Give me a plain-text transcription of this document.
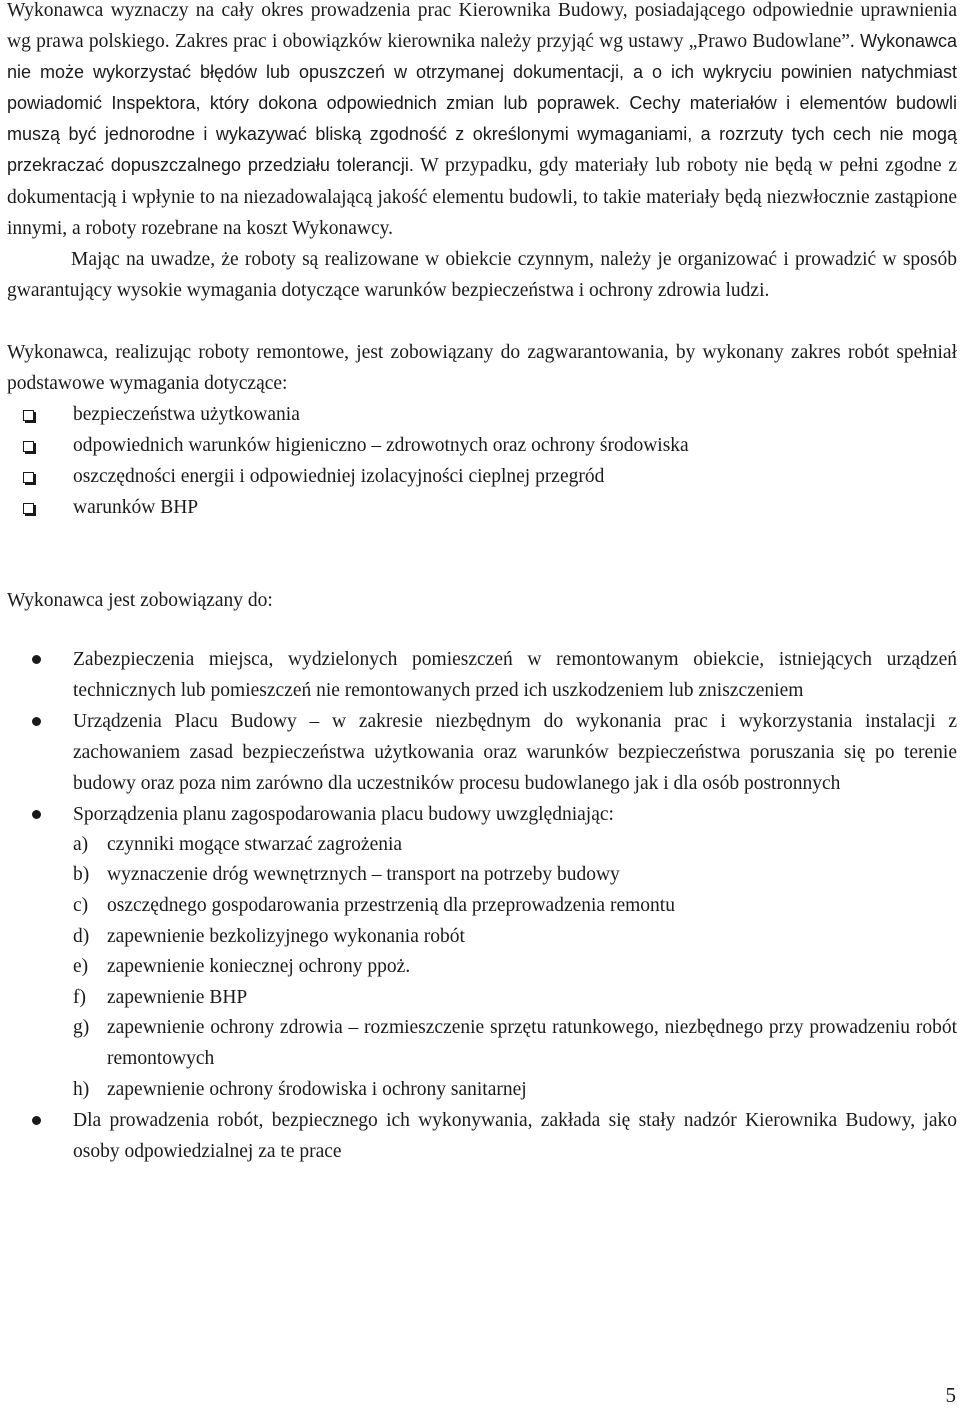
Wykonawca wyznaczy na cały okres prowadzenia prac Kierownika Budowy, posiadającego odpowiednie uprawnienia wg prawa polskiego. Zakres prac i obowiązków kierownika należy przyjąć wg ustawy „Prawo Budowlane”. Wykonawca nie może wykorzystać błędów lub opuszczeń w otrzymanej dokumentacji, a o ich wykryciu powinien natychmiast powiadomić Inspektora, który dokona odpowiednich zmian lub poprawek. Cechy materiałów i elementów budowli muszą być jednorodne i wykazywać bliską zgodność z określonymi wymaganiami, a rozrzuty tych cech nie mogą przekraczać dopuszczalnego przedziału tolerancji. W przypadku, gdy materiały lub roboty nie będą w pełni zgodne z dokumentacją i wpłynie to na niezadowalającą jakość elementu budowli, to takie materiały będą niezwłocznie zastąpione innymi, a roboty rozebrane na koszt Wykonawcy.

Mając na uwadze, że roboty są realizowane w obiekcie czynnym, należy je organizować i prowadzić w sposób gwarantujący wysokie wymagania dotyczące warunków bezpieczeństwa i ochrony zdrowia ludzi.

Wykonawca, realizując roboty remontowe, jest zobowiązany do zagwarantowania, by wykonany zakres robót spełniał podstawowe wymagania dotyczące:

bezpieczeństwa użytkowania
odpowiednich warunków higieniczno – zdrowotnych oraz ochrony środowiska
oszczędności energii i odpowiedniej izolacyjności cieplnej przegród
warunków BHP

Wykonawca jest zobowiązany do:

Zabezpieczenia miejsca, wydzielonych pomieszczeń w remontowanym obiekcie, istniejących urządzeń technicznych lub pomieszczeń nie remontowanych przed ich uszkodzeniem lub zniszczeniem
Urządzenia Placu Budowy – w zakresie niezbędnym do wykonania prac i wykorzystania instalacji z zachowaniem zasad bezpieczeństwa użytkowania oraz warunków bezpieczeństwa poruszania się po terenie budowy oraz poza nim zarówno dla uczestników procesu budowlanego jak i dla osób postronnych
Sporządzenia planu zagospodarowania placu budowy uwzględniając:
a) czynniki mogące stwarzać zagrożenia
b) wyznaczenie dróg wewnętrznych – transport na potrzeby budowy
c) oszczędnego gospodarowania przestrzenią dla przeprowadzenia remontu
d) zapewnienie bezkolizyjnego wykonania robót
e) zapewnienie koniecznej ochrony ppoż.
f) zapewnienie BHP
g) zapewnienie ochrony zdrowia – rozmieszczenie sprzętu ratunkowego, niezbędnego przy prowadzeniu robót remontowych
h) zapewnienie ochrony środowiska i ochrony sanitarnej
Dla prowadzenia robót, bezpiecznego ich wykonywania, zakłada się stały nadzór Kierownika Budowy, jako osoby odpowiedzialnej za te prace
5
